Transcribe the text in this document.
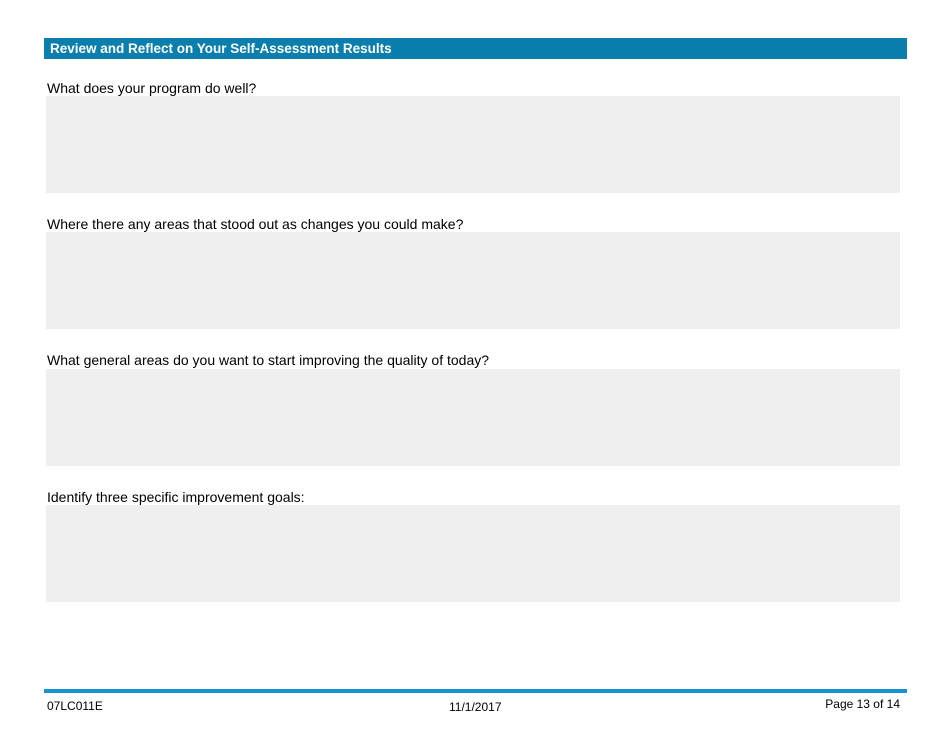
Review and Reflect on Your Self-Assessment Results
What does your program do well?
Where there any areas that stood out as changes you could make?
What general areas do you want to start improving the quality of today?
Identify three specific improvement goals:
07LC011E	11/1/2017	Page 13 of 14
